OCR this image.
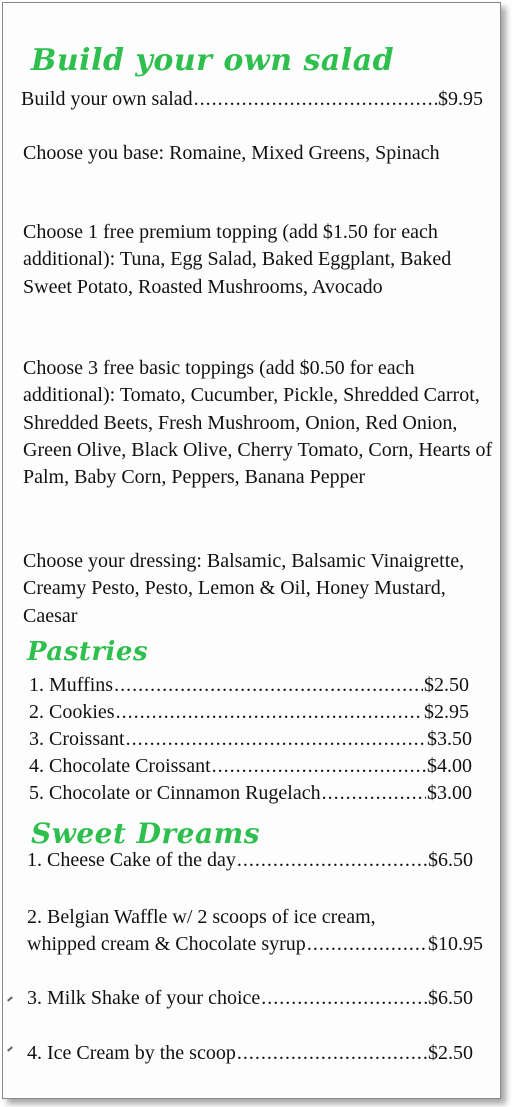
Build your own salad
Build your own salad .....	$9.95

Choose you base: Romaine, Mixed Greens, Spinach

Choose 1 free premium topping (add $1.50 for each additional): Tuna, Egg Salad, Baked Eggplant, Baked Sweet Potato, Roasted Mushrooms, Avocado

Choose 3 free basic toppings (add $0.50 for each additional): Tomato, Cucumber, Pickle, Shredded Carrot, Shredded Beets, Fresh Mushroom, Onion, Red Onion, Green Olive, Black Olive, Cherry Tomato, Corn, Hearts of Palm, Baby Corn, Peppers, Banana Pepper

Choose your dressing: Balsamic, Balsamic Vinaigrette, Creamy Pesto, Pesto, Lemon & Oil, Honey Mustard, Caesar

Pastries
1. Muffins .....	$2.50
2. Cookies .....	$2.95
3. Croissant .....	$3.50
4. Chocolate Croissant .....	$4.00
5. Chocolate or Cinnamon Rugelach .....	$3.00
Sweet Dreams
1. Cheese Cake of the day .....	$6.50
2. Belgian Waffle w/ 2 scoops of ice cream,
whipped cream & Chocolate syrup .....	$10.95
3. Milk Shake of your choice .....	$6.50
4. Ice Cream by the scoop .....	$2.50
